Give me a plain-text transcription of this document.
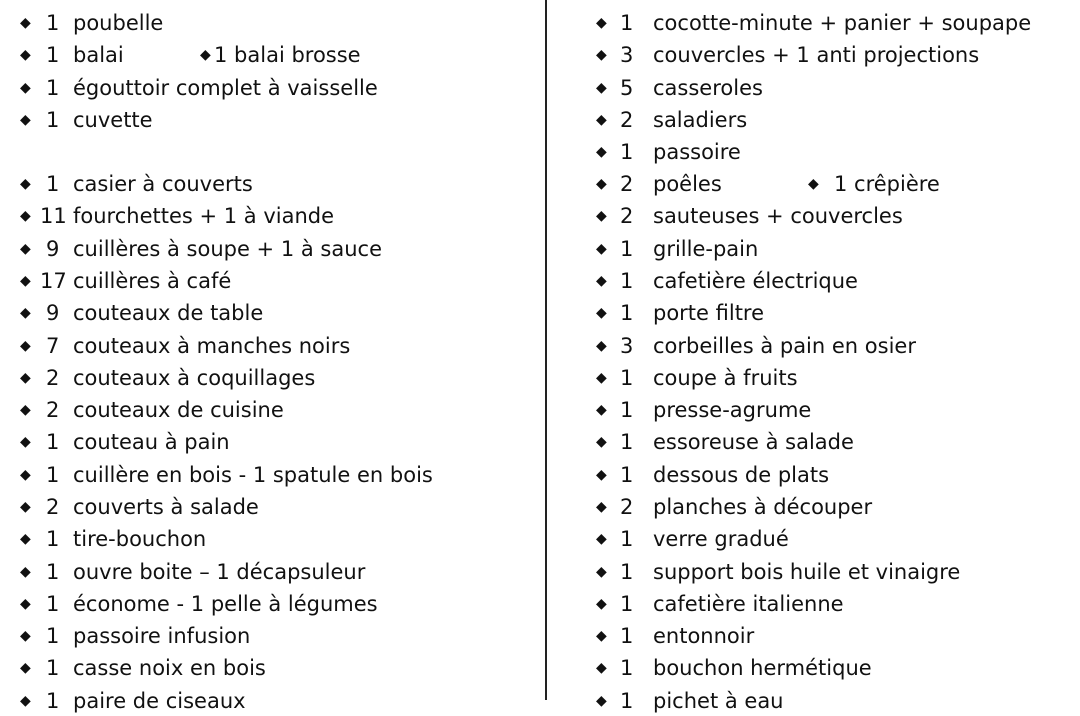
◆ 1 poubelle
◆ 1 balai	◆ 1 balai brosse
◆ 1 égouttoir complet à vaisselle
◆ 1 cuvette
◆ 1 casier à couverts
◆ 11 fourchettes + 1 à viande
◆ 9 cuillères à soupe + 1 à sauce
◆ 17 cuillères à café
◆ 9 couteaux de table
◆ 7 couteaux à manches noirs
◆ 2 couteaux à coquillages
◆ 2 couteaux de cuisine
◆ 1 couteau à pain
◆ 1 cuillère en bois - 1 spatule en bois
◆ 2 couverts à salade
◆ 1 tire-bouchon
◆ 1 ouvre boite – 1 décapsuleur
◆ 1 économe - 1 pelle à légumes
◆ 1 passoire infusion
◆ 1 casse noix en bois
◆ 1 paire de ciseaux
◆ 1 cocotte-minute + panier + soupape
◆ 3 couvercles + 1 anti projections
◆ 5 casseroles
◆ 2 saladiers
◆ 1 passoire
◆ 2 poêles	◆ 1 crêpière
◆ 2 sauteuses + couvercles
◆ 1 grille-pain
◆ 1 cafetière électrique
◆ 1 porte filtre
◆ 3 corbeilles à pain en osier
◆ 1 coupe à fruits
◆ 1 presse-agrume
◆ 1 essoreuse à salade
◆ 1 dessous de plats
◆ 2 planches à découper
◆ 1 verre gradué
◆ 1 support bois huile et vinaigre
◆ 1 cafetière italienne
◆ 1 entonnoir
◆ 1 bouchon hermétique
◆ 1 pichet à eau
